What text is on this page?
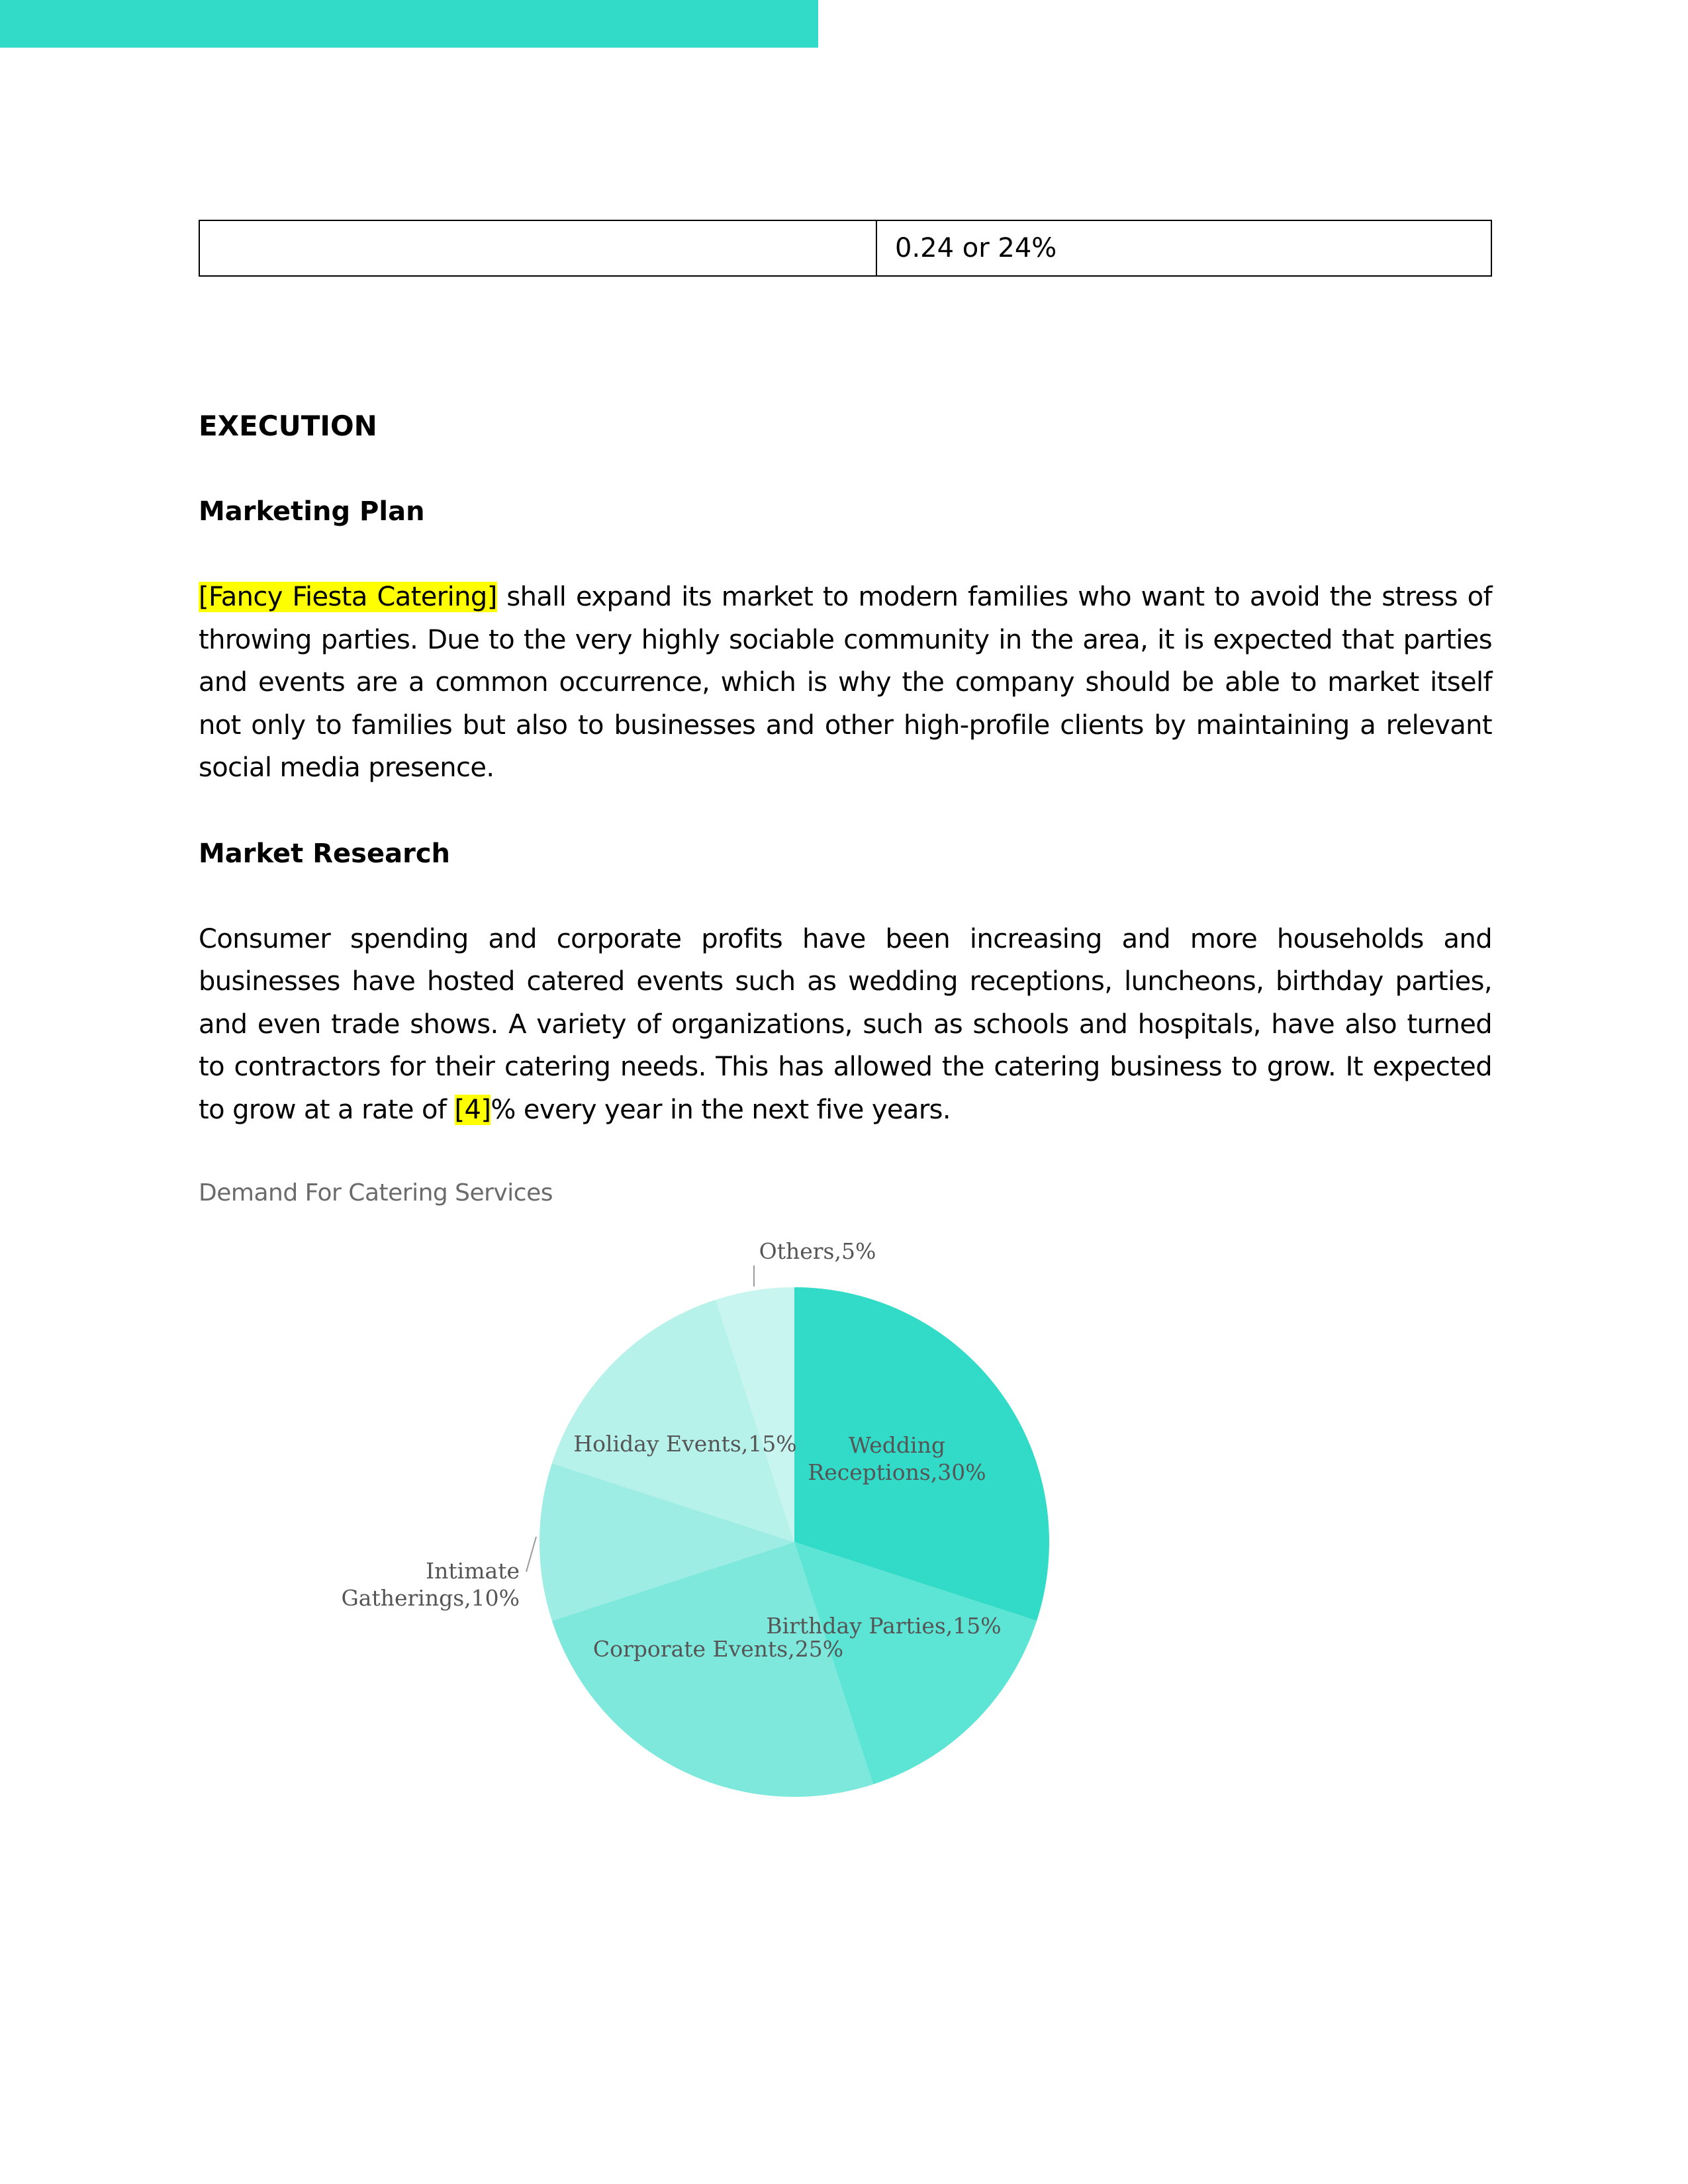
	0.24 or 24%
EXECUTION
Marketing Plan

[Fancy Fiesta Catering] shall expand its market to modern families who want to avoid the stress of throwing parties. Due to the very highly sociable community in the area, it is expected that parties and events are a common occurrence, which is why the company should be able to market itself not only to families but also to businesses and other high-profile clients by maintaining a relevant social media presence.

Market Research

Consumer spending and corporate profits have been increasing and more households and businesses have hosted catered events such as wedding receptions, luncheons, birthday parties, and even trade shows. A variety of organizations, such as schools and hospitals, have also turned to contractors for their catering needs. This has allowed the catering business to grow. It expected to grow at a rate of [4]% every year in the next five years.

Demand For Catering Services
Wedding Receptions,30%
Birthday Parties,15%
Corporate Events,25%
Intimate Gatherings,10%
Holiday Events,15%
Others,5%
